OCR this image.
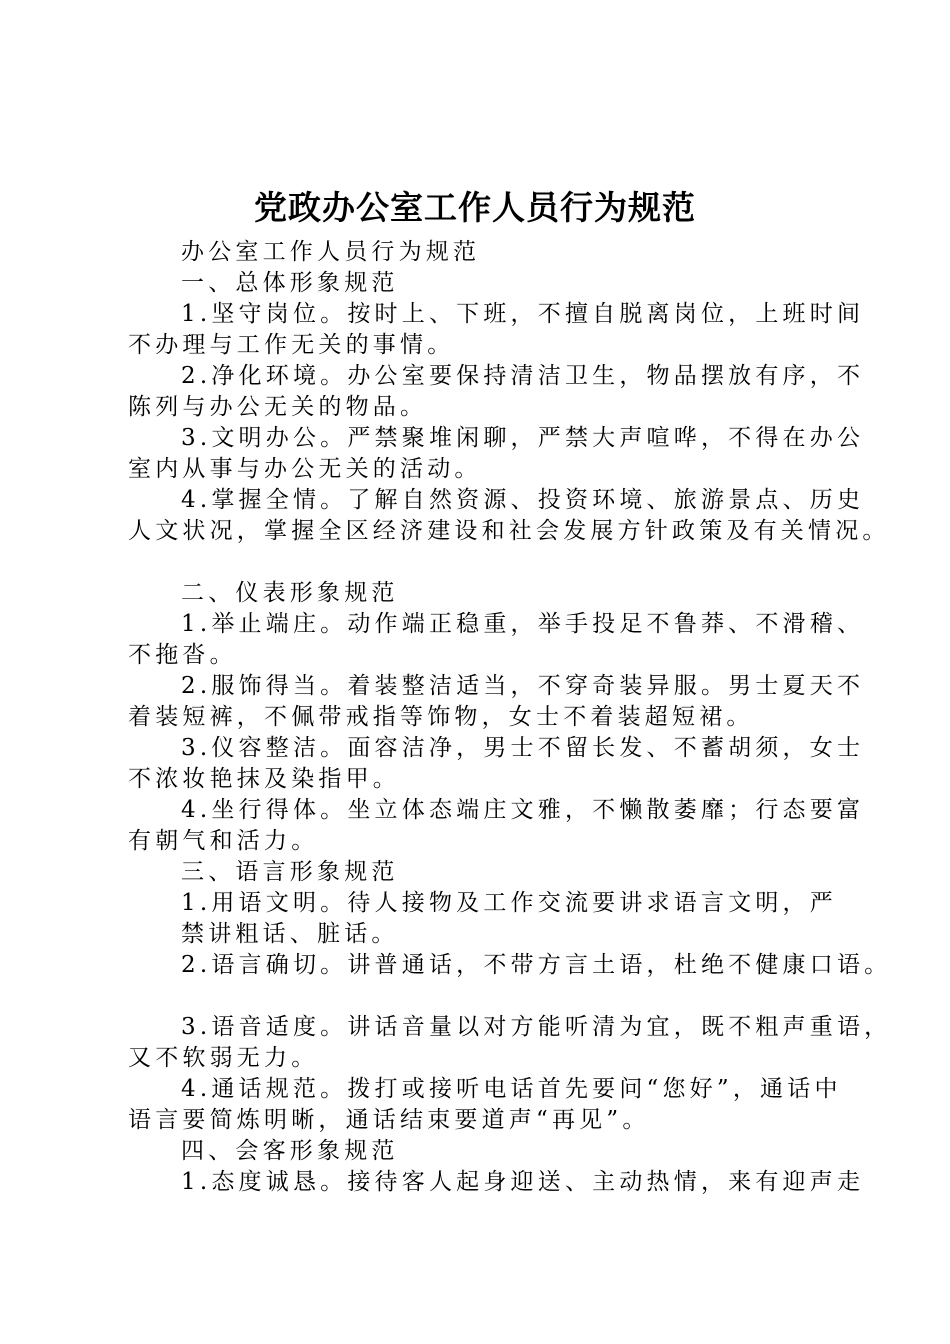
党政办公室工作人员行为规范
办公室工作人员行为规范
一、总体形象规范
1.坚守岗位。按时上、下班，不擅自脱离岗位，上班时间
不办理与工作无关的事情。
2.净化环境。办公室要保持清洁卫生，物品摆放有序，不
陈列与办公无关的物品。
3.文明办公。严禁聚堆闲聊，严禁大声喧哗，不得在办公
室内从事与办公无关的活动。
4.掌握全情。了解自然资源、投资环境、旅游景点、历史
人文状况，掌握全区经济建设和社会发展方针政策及有关情况。
二、仪表形象规范
1.举止端庄。动作端正稳重，举手投足不鲁莽、不滑稽、
不拖沓。
2.服饰得当。着装整洁适当，不穿奇装异服。男士夏天不
着装短裤，不佩带戒指等饰物，女士不着装超短裙。
3.仪容整洁。面容洁净，男士不留长发、不蓄胡须，女士
不浓妆艳抹及染指甲。
4.坐行得体。坐立体态端庄文雅，不懒散萎靡；行态要富
有朝气和活力。
三、语言形象规范
1.用语文明。待人接物及工作交流要讲求语言文明，严
禁讲粗话、脏话。
2.语言确切。讲普通话，不带方言土语，杜绝不健康口语。
3.语音适度。讲话音量以对方能听清为宜，既不粗声重语，
又不软弱无力。
4.通话规范。拨打或接听电话首先要问“您好”，通话中
语言要简炼明晰，通话结束要道声“再见”。
四、会客形象规范
1.态度诚恳。接待客人起身迎送、主动热情，来有迎声走
